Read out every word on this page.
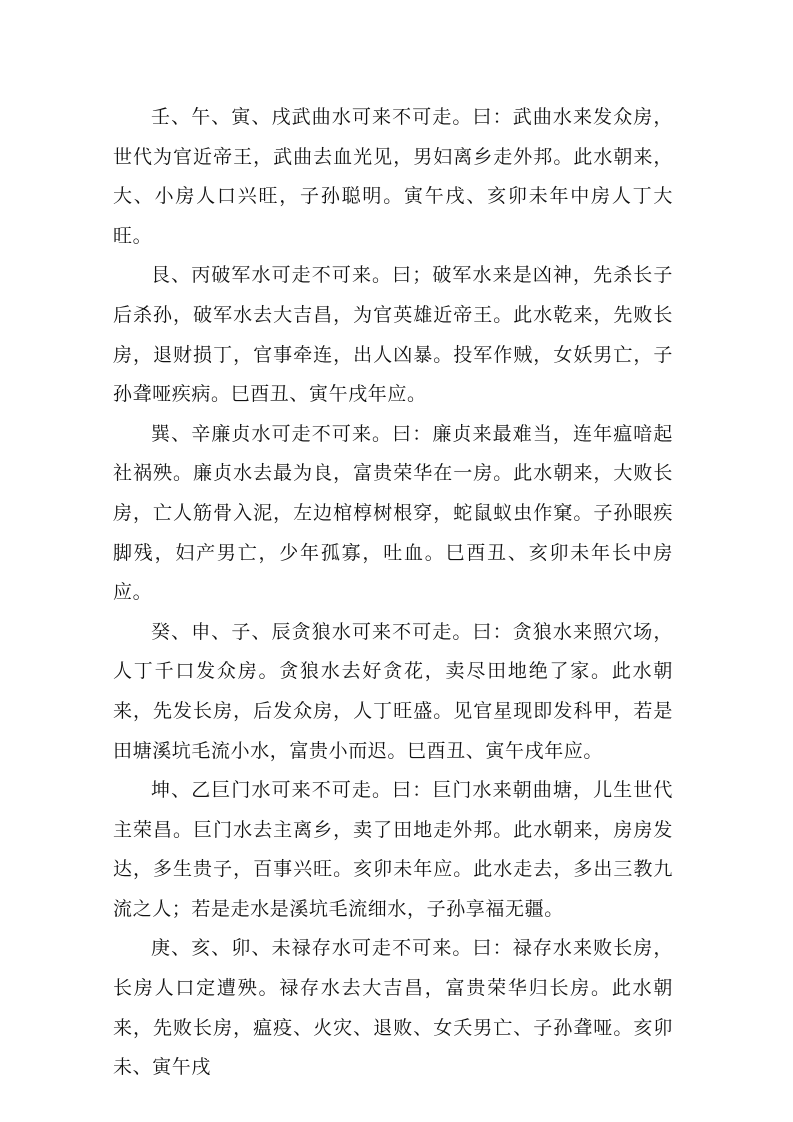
壬、午、寅、戌武曲水可来不可走。曰：武曲水来发众房，世代为官近帝王，武曲去血光见，男妇离乡走外邦。此水朝来，大、小房人口兴旺，子孙聪明。寅午戌、亥卯未年中房人丁大旺。

艮、丙破军水可走不可来。曰；破军水来是凶神，先杀长子后杀孙，破军水去大吉昌，为官英雄近帝王。此水乾来，先败长房，退财损丁，官事牵连，出人凶暴。投军作贼，女妖男亡，子孙聋哑疾病。巳酉丑、寅午戌年应。

巽、辛廉贞水可走不可来。曰：廉贞来最难当，连年瘟喑起社祸殃。廉贞水去最为良，富贵荣华在一房。此水朝来，大败长房，亡人筋骨入泥，左边棺椁树根穿，蛇鼠蚁虫作窠。子孙眼疾脚残，妇产男亡，少年孤寡，吐血。巳酉丑、亥卯未年长中房应。

癸、申、子、辰贪狼水可来不可走。曰：贪狼水来照穴场，人丁千口发众房。贪狼水去好贪花，卖尽田地绝了家。此水朝来，先发长房，后发众房，人丁旺盛。见官星现即发科甲，若是田塘溪坑毛流小水，富贵小而迟。巳酉丑、寅午戌年应。

坤、乙巨门水可来不可走。曰：巨门水来朝曲塘，儿生世代主荣昌。巨门水去主离乡，卖了田地走外邦。此水朝来，房房发达，多生贵子，百事兴旺。亥卯未年应。此水走去，多出三教九流之人；若是走水是溪坑毛流细水，子孙享福无疆。

庚、亥、卯、未禄存水可走不可来。曰：禄存水来败长房，长房人口定遭殃。禄存水去大吉昌，富贵荣华归长房。此水朝来，先败长房，瘟疫、火灾、退败、女夭男亡、子孙聋哑。亥卯未、寅午戌
